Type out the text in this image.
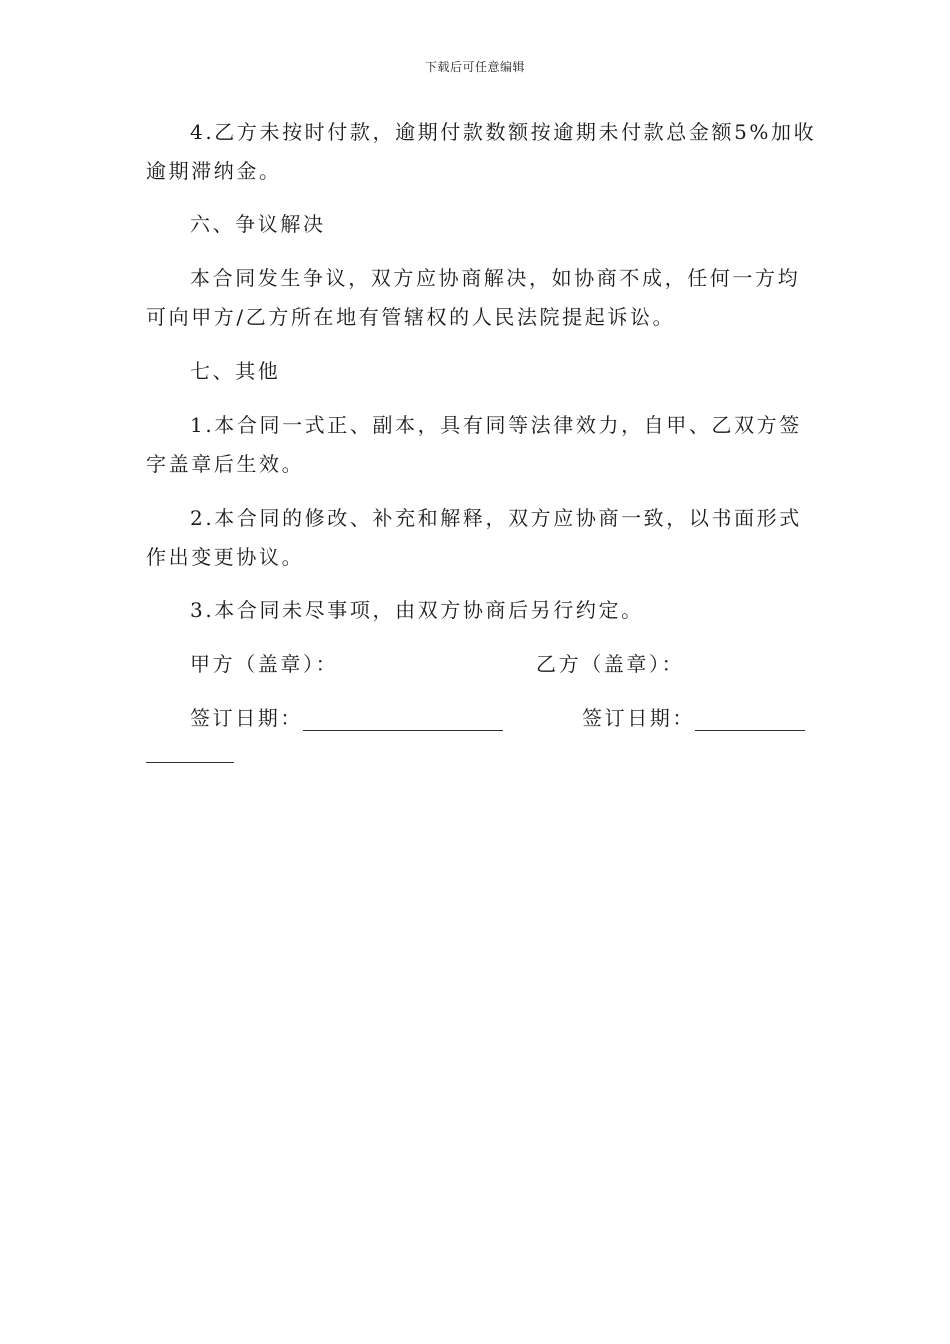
下载后可任意编辑
4.乙方未按时付款，逾期付款数额按逾期未付款总金额5%加收
逾期滞纳金。
六、争议解决
本合同发生争议，双方应协商解决，如协商不成，任何一方均
可向甲方/乙方所在地有管辖权的人民法院提起诉讼。
七、其他
1.本合同一式正、副本，具有同等法律效力，自甲、乙双方签
字盖章后生效。
2.本合同的修改、补充和解释，双方应协商一致，以书面形式
作出变更协议。
3.本合同未尽事项，由双方协商后另行约定。
甲方（盖章）：	乙方（盖章）：
签订日期：	签订日期：
